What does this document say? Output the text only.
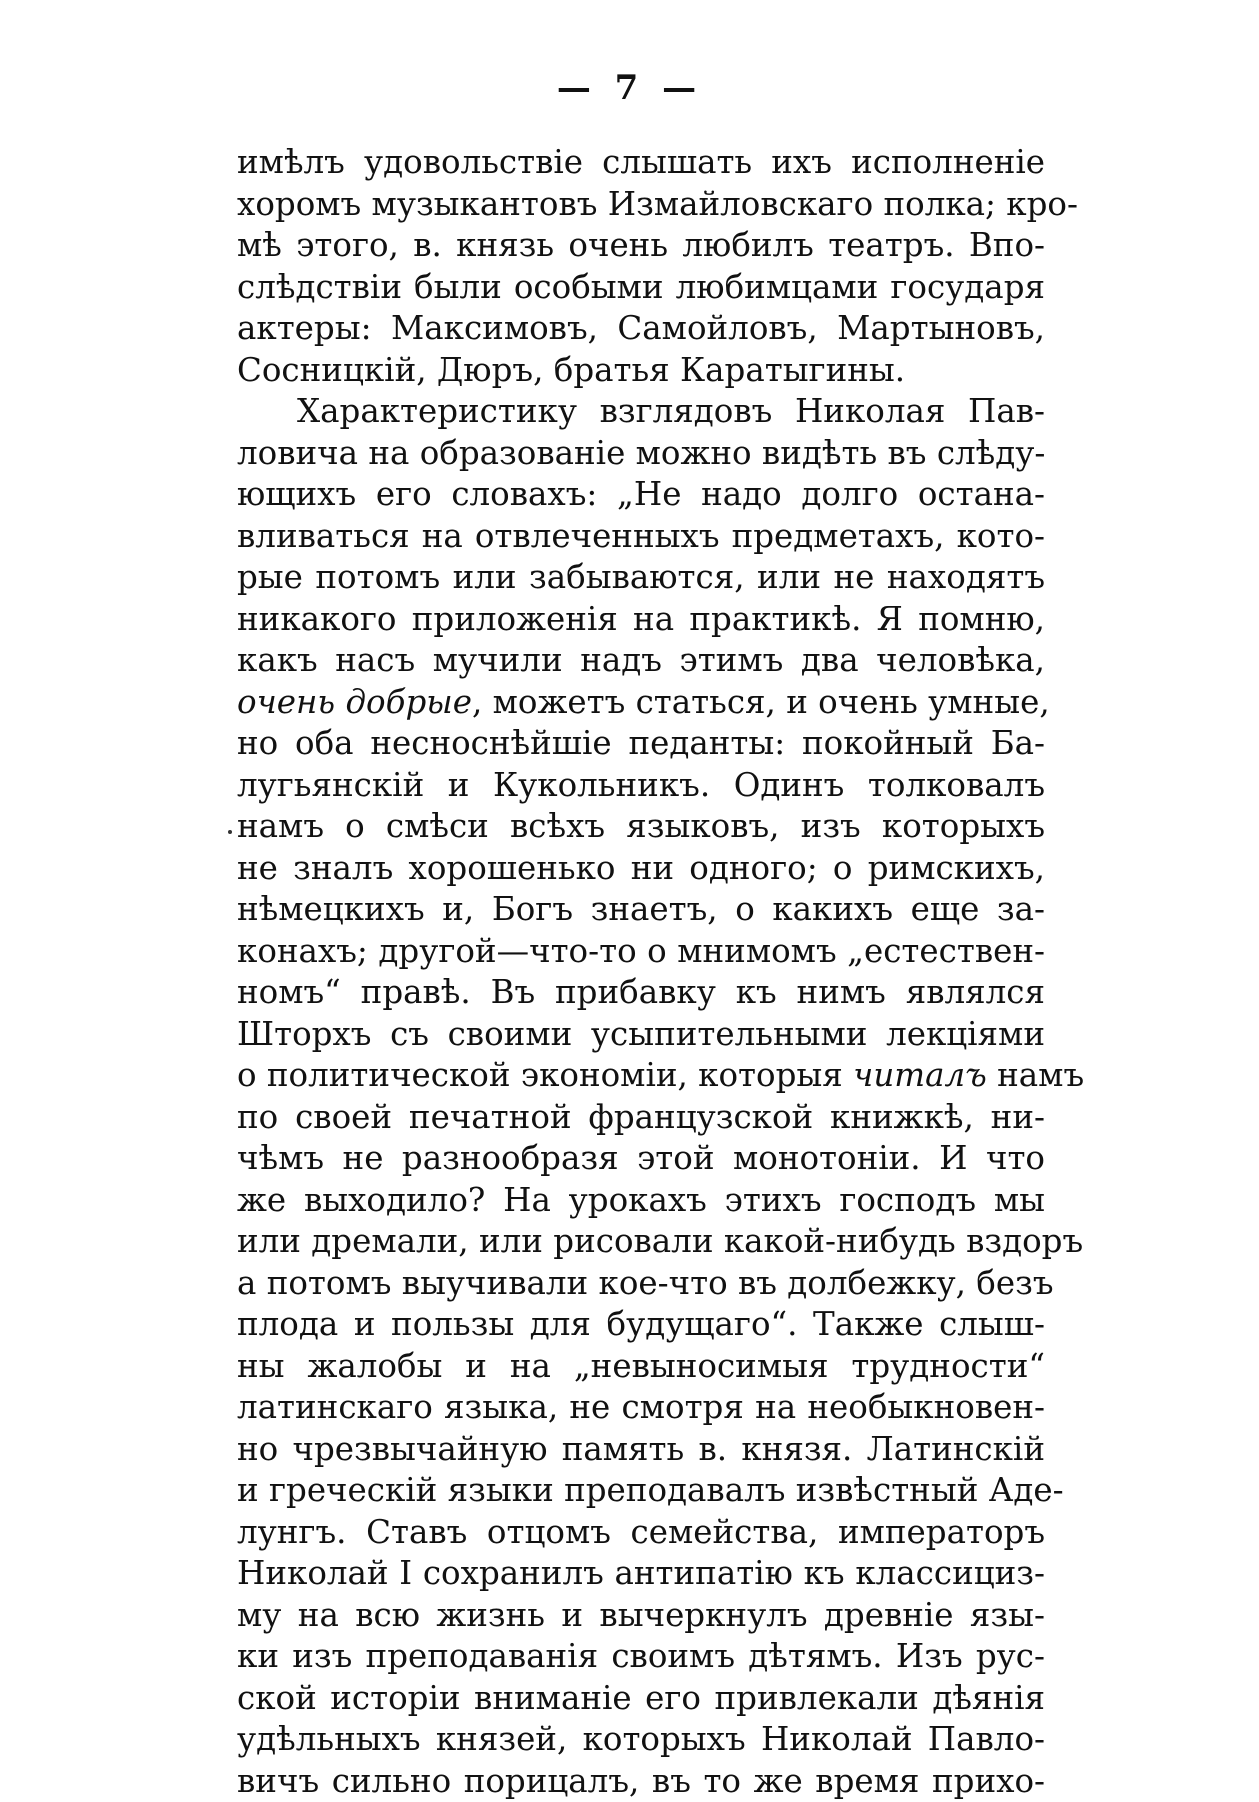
— 7 —
имѣлъ удовольствіе слышать ихъ исполненіе
хоромъ музыкантовъ Измайловскаго полка; кро-
мѣ этого, в. князь очень любилъ театръ. Впо-
слѣдствіи были особыми любимцами государя
актеры: Максимовъ, Самойловъ, Мартыновъ,
Сосницкій, Дюръ, братья Каратыгины.
Характеристику взглядовъ Николая Пав-
ловича на образованіе можно видѣть въ слѣду-
ющихъ его словахъ: „Не надо долго останa-
вливаться на отвлеченныхъ предметахъ, кото-
рые потомъ или забываются, или не находятъ
никакого приложенія на практикѣ. Я помню,
какъ насъ мучили надъ этимъ два человѣка,
очень добрые, можетъ статься, и очень умные,
но оба несноснѣйшіе педанты: покойный Ба-
лугьянскій и Кукольникъ. Одинъ толковалъ
намъ о смѣси всѣхъ языковъ, изъ которыхъ
не зналъ хорошенько ни одного; о римскихъ,
нѣмецкихъ и, Богъ знаетъ, о какихъ еще за-
конахъ; другой—что-то о мнимомъ „естествен-
номъ“ правѣ. Въ прибавку къ нимъ являлся
Шторхъ съ своими усыпительными лекціями
о политической экономіи, которыя читалъ намъ
по своей печатной французской книжкѣ, ни-
чѣмъ не разнообразя этой монотоніи. И что
же выходило? На урокахъ этихъ господъ мы
или дремали, или рисовали какой-нибудь вздоръ
а потомъ выучивали кое-что въ долбежку, безъ
плода и пользы для будущаго“. Также слыш-
ны жалобы и на „невыносимыя трудности“
латинскаго языка, не смотря на необыкновен-
но чрезвычайную память в. князя. Латинскій
и греческій языки преподавалъ извѣстный Аде-
лунгъ. Ставъ отцомъ семейства, императоръ
Николай I сохранилъ антипатію къ классициз-
му на всю жизнь и вычеркнулъ древніе язы-
ки изъ преподаванія своимъ дѣтямъ. Изъ рус-
ской исторіи вниманіе его привлекали дѣянія
удѣльныхъ князей, которыхъ Николай Павло-
вичъ сильно порицалъ, въ то же время прихо-
